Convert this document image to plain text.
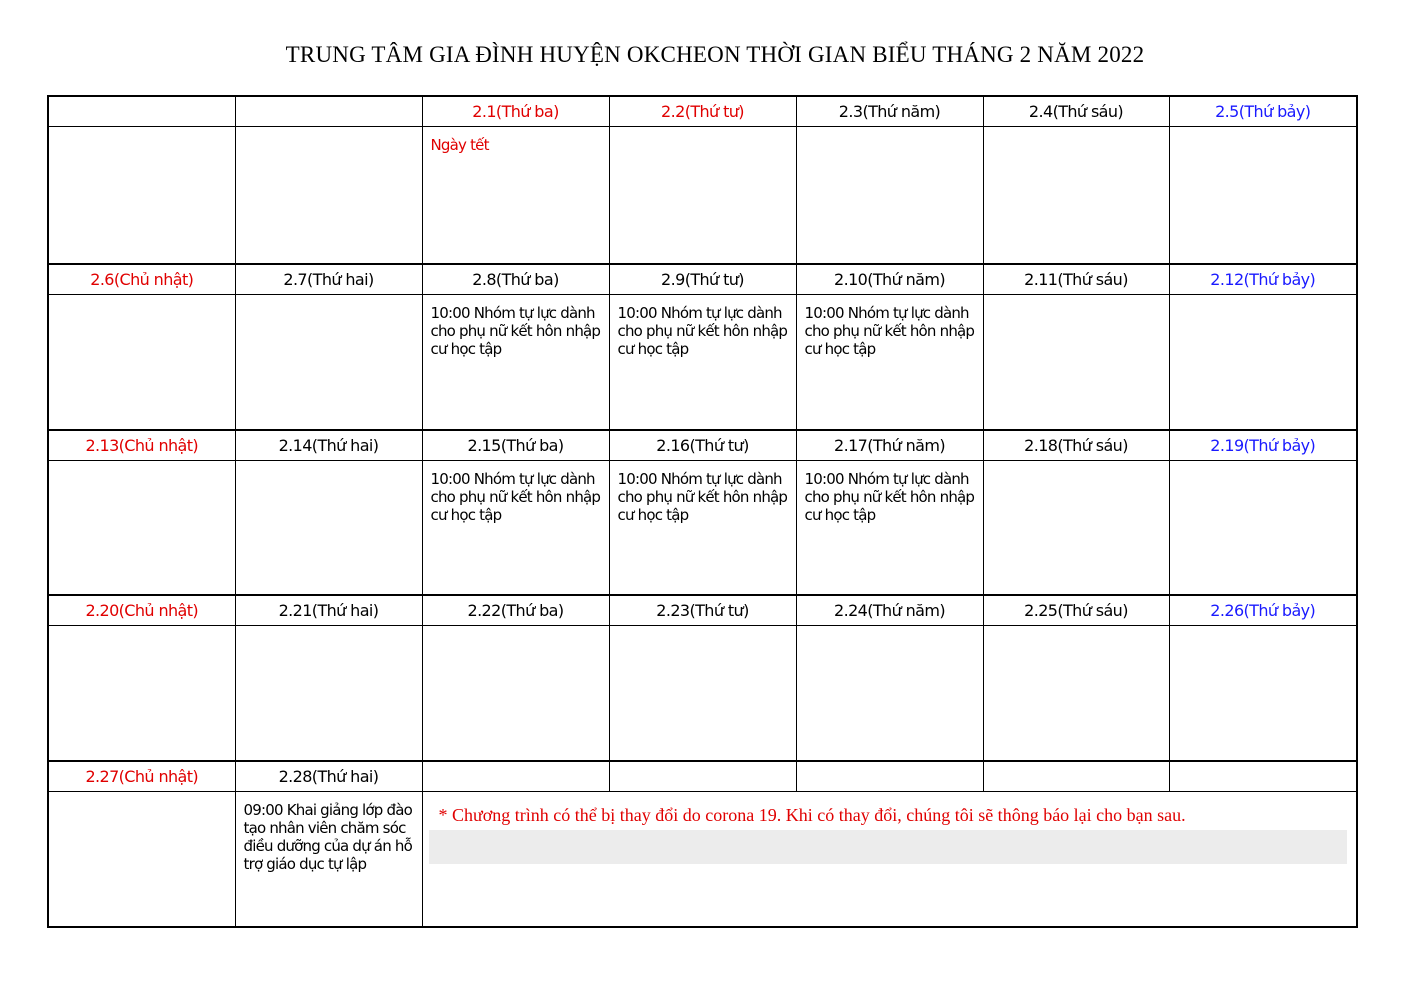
TRUNG TÂM GIA ĐÌNH HUYỆN OKCHEON THỜI GIAN BIỂU THÁNG 2 NĂM 2022
		2.1(Thứ ba)	2.2(Thứ tư)	2.3(Thứ năm)	2.4(Thứ sáu)	2.5(Thứ bảy)
		Ngày tết				
2.6(Chủ nhật)	2.7(Thứ hai)	2.8(Thứ ba)	2.9(Thứ tư)	2.10(Thứ năm)	2.11(Thứ sáu)	2.12(Thứ bảy)
		10:00 Nhóm tự lực dành cho phụ nữ kết hôn nhập cư học tập	10:00 Nhóm tự lực dành cho phụ nữ kết hôn nhập cư học tập	10:00 Nhóm tự lực dành cho phụ nữ kết hôn nhập cư học tập		
2.13(Chủ nhật)	2.14(Thứ hai)	2.15(Thứ ba)	2.16(Thứ tư)	2.17(Thứ năm)	2.18(Thứ sáu)	2.19(Thứ bảy)
		10:00 Nhóm tự lực dành cho phụ nữ kết hôn nhập cư học tập	10:00 Nhóm tự lực dành cho phụ nữ kết hôn nhập cư học tập	10:00 Nhóm tự lực dành cho phụ nữ kết hôn nhập cư học tập		
2.20(Chủ nhật)	2.21(Thứ hai)	2.22(Thứ ba)	2.23(Thứ tư)	2.24(Thứ năm)	2.25(Thứ sáu)	2.26(Thứ bảy)

2.27(Chủ nhật)	2.28(Thứ hai)					
	09:00 Khai giảng lớp đào tạo nhân viên chăm sóc điều dưỡng của dự án hỗ trợ giáo dục tự lập	* Chương trình có thể bị thay đổi do corona 19. Khi có thay đổi, chúng tôi sẽ thông báo lại cho bạn sau.				
